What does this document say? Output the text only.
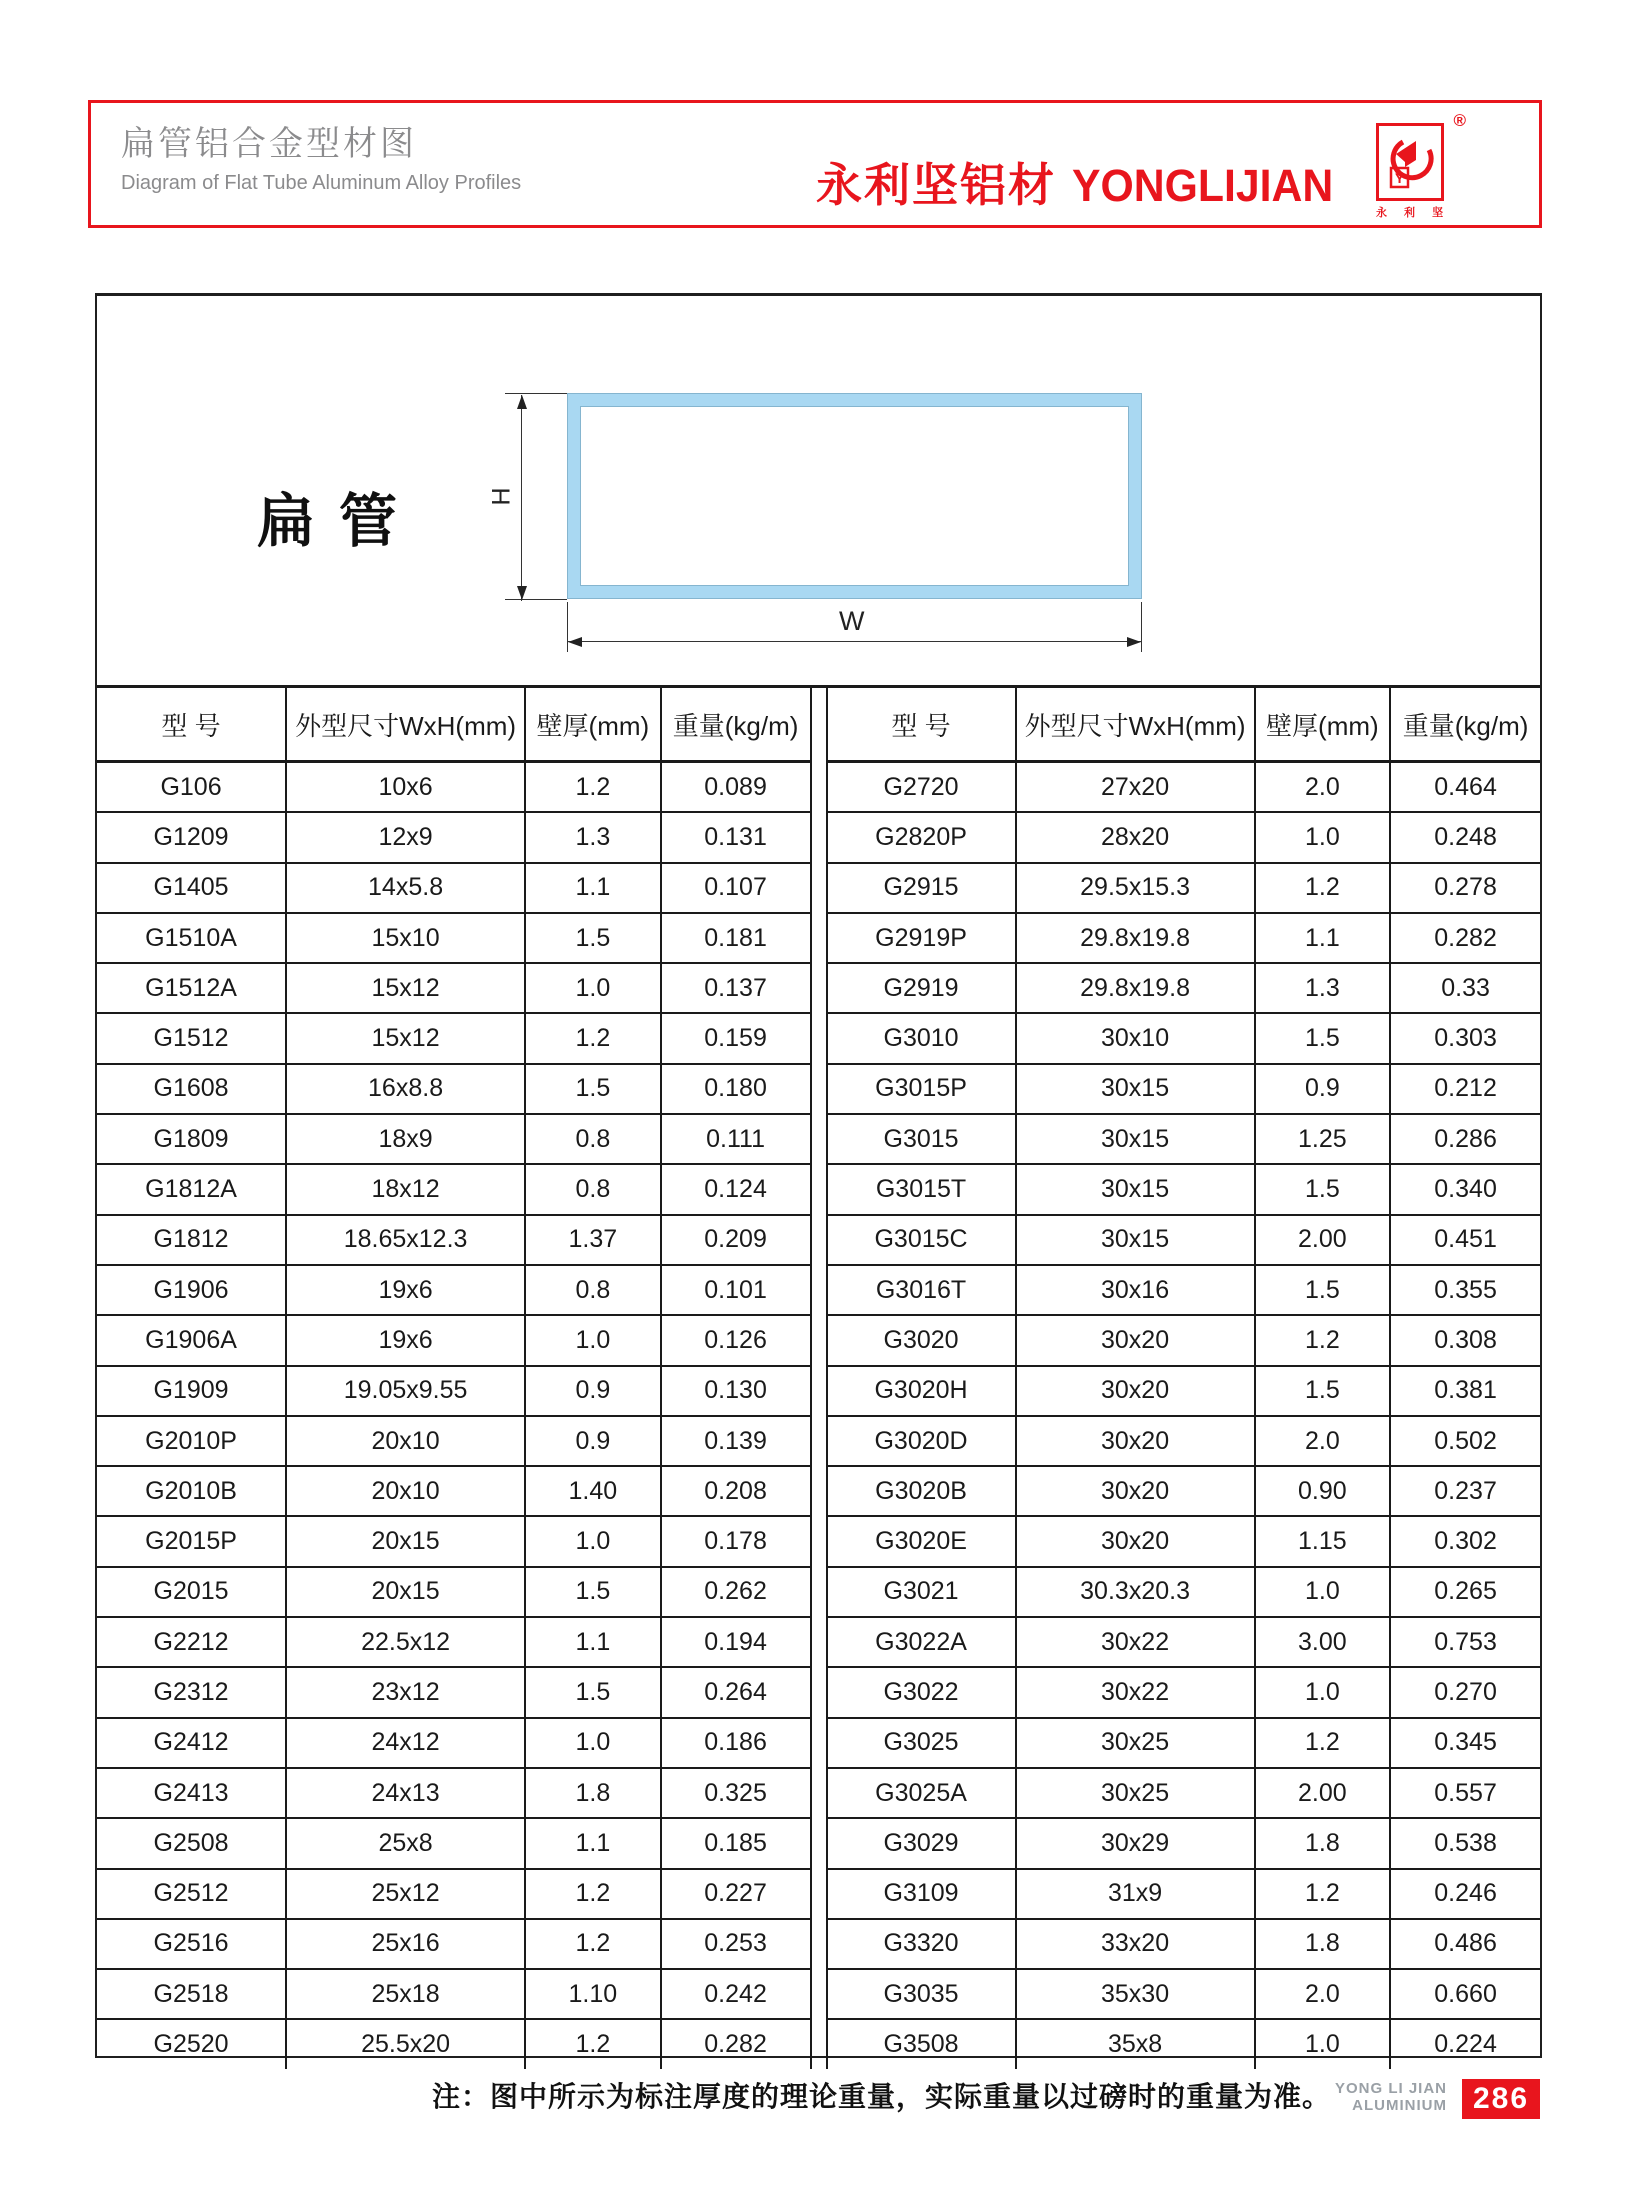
扁管铝合金型材图
Diagram of Flat Tube Aluminum Alloy Profiles	永利坚铝材 YONGLIJIAN
®
Y
永 利 坚
扁管	H
W
型 号	外型尺寸WxH(mm)	壁厚(mm)	重量(kg/m)
G106	10x6	1.2	0.089
G1209	12x9	1.3	0.131
G1405	14x5.8	1.1	0.107
G1510A	15x10	1.5	0.181
G1512A	15x12	1.0	0.137
G1512	15x12	1.2	0.159
G1608	16x8.8	1.5	0.180
G1809	18x9	0.8	0.111
G1812A	18x12	0.8	0.124
G1812	18.65x12.3	1.37	0.209
G1906	19x6	0.8	0.101
G1906A	19x6	1.0	0.126
G1909	19.05x9.55	0.9	0.130
G2010P	20x10	0.9	0.139
G2010B	20x10	1.40	0.208
G2015P	20x15	1.0	0.178
G2015	20x15	1.5	0.262
G2212	22.5x12	1.1	0.194
G2312	23x12	1.5	0.264
G2412	24x12	1.0	0.186
G2413	24x13	1.8	0.325
G2508	25x8	1.1	0.185
G2512	25x12	1.2	0.227
G2516	25x16	1.2	0.253
G2518	25x18	1.10	0.242
G2520	25.5x20	1.2	0.282
型 号	外型尺寸WxH(mm)	壁厚(mm)	重量(kg/m)
G2720	27x20	2.0	0.464
G2820P	28x20	1.0	0.248
G2915	29.5x15.3	1.2	0.278
G2919P	29.8x19.8	1.1	0.282
G2919	29.8x19.8	1.3	0.33
G3010	30x10	1.5	0.303
G3015P	30x15	0.9	0.212
G3015	30x15	1.25	0.286
G3015T	30x15	1.5	0.340
G3015C	30x15	2.00	0.451
G3016T	30x16	1.5	0.355
G3020	30x20	1.2	0.308
G3020H	30x20	1.5	0.381
G3020D	30x20	2.0	0.502
G3020B	30x20	0.90	0.237
G3020E	30x20	1.15	0.302
G3021	30.3x20.3	1.0	0.265
G3022A	30x22	3.00	0.753
G3022	30x22	1.0	0.270
G3025	30x25	1.2	0.345
G3025A	30x25	2.00	0.557
G3029	30x29	1.8	0.538
G3109	31x9	1.2	0.246
G3320	33x20	1.8	0.486
G3035	35x30	2.0	0.660
G3508	35x8	1.0	0.224
注：图中所示为标注厚度的理论重量，实际重量以过磅时的重量为准。 YONG LI JIAN
ALUMINIUM 286
